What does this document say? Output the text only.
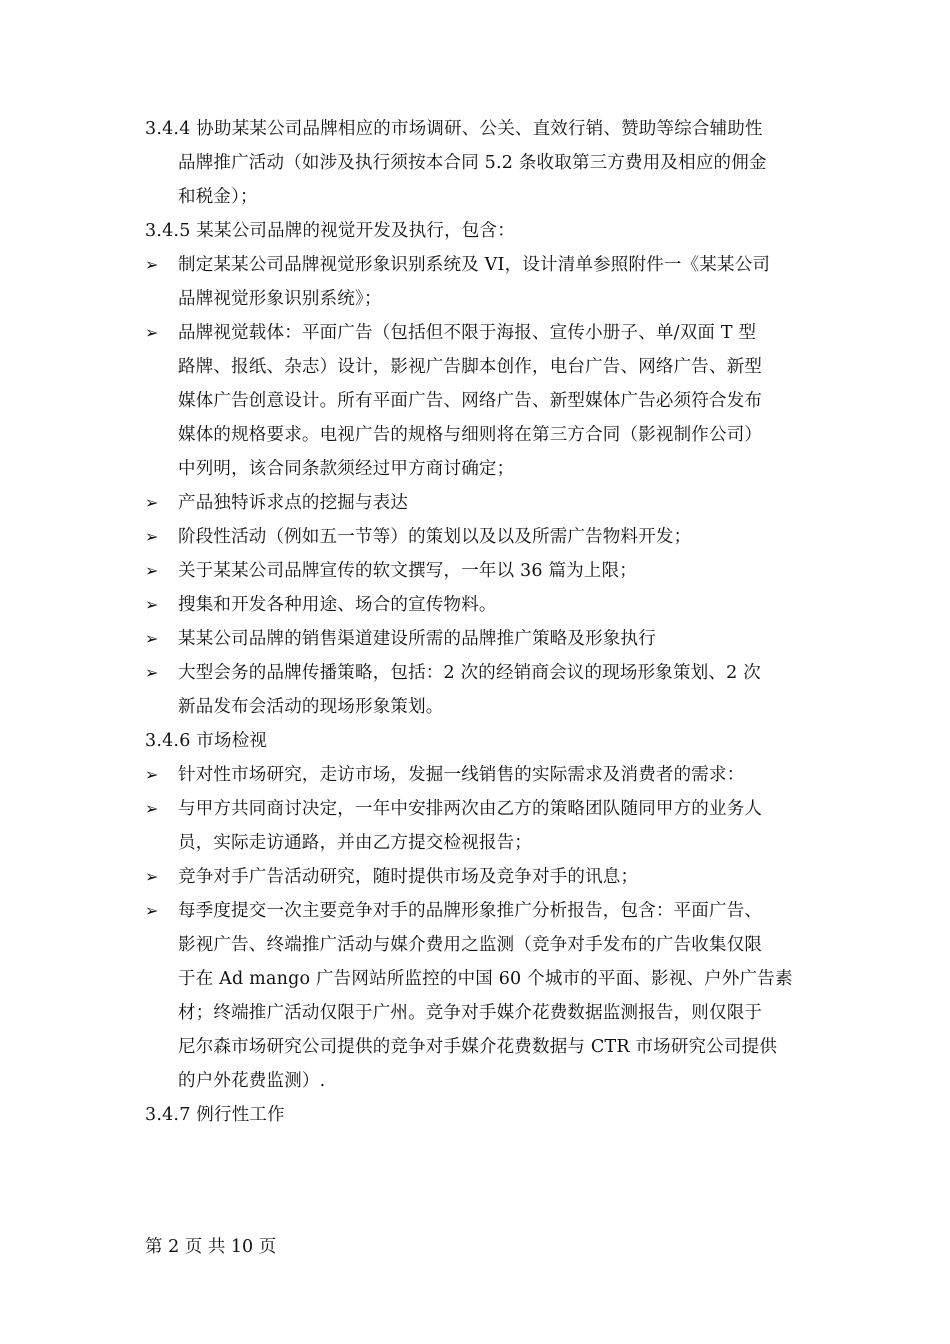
3.4.4 协助某某公司品牌相应的市场调研、公关、直效行销、赞助等综合辅助性
品牌推广活动（如涉及执行须按本合同 5.2 条收取第三方费用及相应的佣金
和税金）；
3.4.5 某某公司品牌的视觉开发及执行，包含：
➢	制定某某公司品牌视觉形象识别系统及 VI，设计清单参照附件一《某某公司
品牌视觉形象识别系统》；
➢	品牌视觉载体：平面广告（包括但不限于海报、宣传小册子、单/双面 T 型
路牌、报纸、杂志）设计，影视广告脚本创作，电台广告、网络广告、新型
媒体广告创意设计。所有平面广告、网络广告、新型媒体广告必须符合发布
媒体的规格要求。电视广告的规格与细则将在第三方合同（影视制作公司）
中列明，该合同条款须经过甲方商讨确定；
➢	产品独特诉求点的挖掘与表达
➢	阶段性活动（例如五一节等）的策划以及以及所需广告物料开发；
➢	关于某某公司品牌宣传的软文撰写，一年以 36 篇为上限；
➢	搜集和开发各种用途、场合的宣传物料。
➢	某某公司品牌的销售渠道建设所需的品牌推广策略及形象执行
➢	大型会务的品牌传播策略，包括：2 次的经销商会议的现场形象策划、2 次
新品发布会活动的现场形象策划。
3.4.6 市场检视
➢	针对性市场研究，走访市场，发掘一线销售的实际需求及消费者的需求：
➢	与甲方共同商讨决定，一年中安排两次由乙方的策略团队随同甲方的业务人
员，实际走访通路，并由乙方提交检视报告；
➢	竞争对手广告活动研究，随时提供市场及竞争对手的讯息；
➢	每季度提交一次主要竞争对手的品牌形象推广分析报告，包含：平面广告、
影视广告、终端推广活动与媒介费用之监测（竞争对手发布的广告收集仅限
于在 Ad mango 广告网站所监控的中国 60 个城市的平面、影视、户外广告素
材；终端推广活动仅限于广州。竞争对手媒介花费数据监测报告，则仅限于
尼尔森市场研究公司提供的竞争对手媒介花费数据与 CTR 市场研究公司提供
的户外花费监测）.
3.4.7 例行性工作
第 2 页 共 10 页
